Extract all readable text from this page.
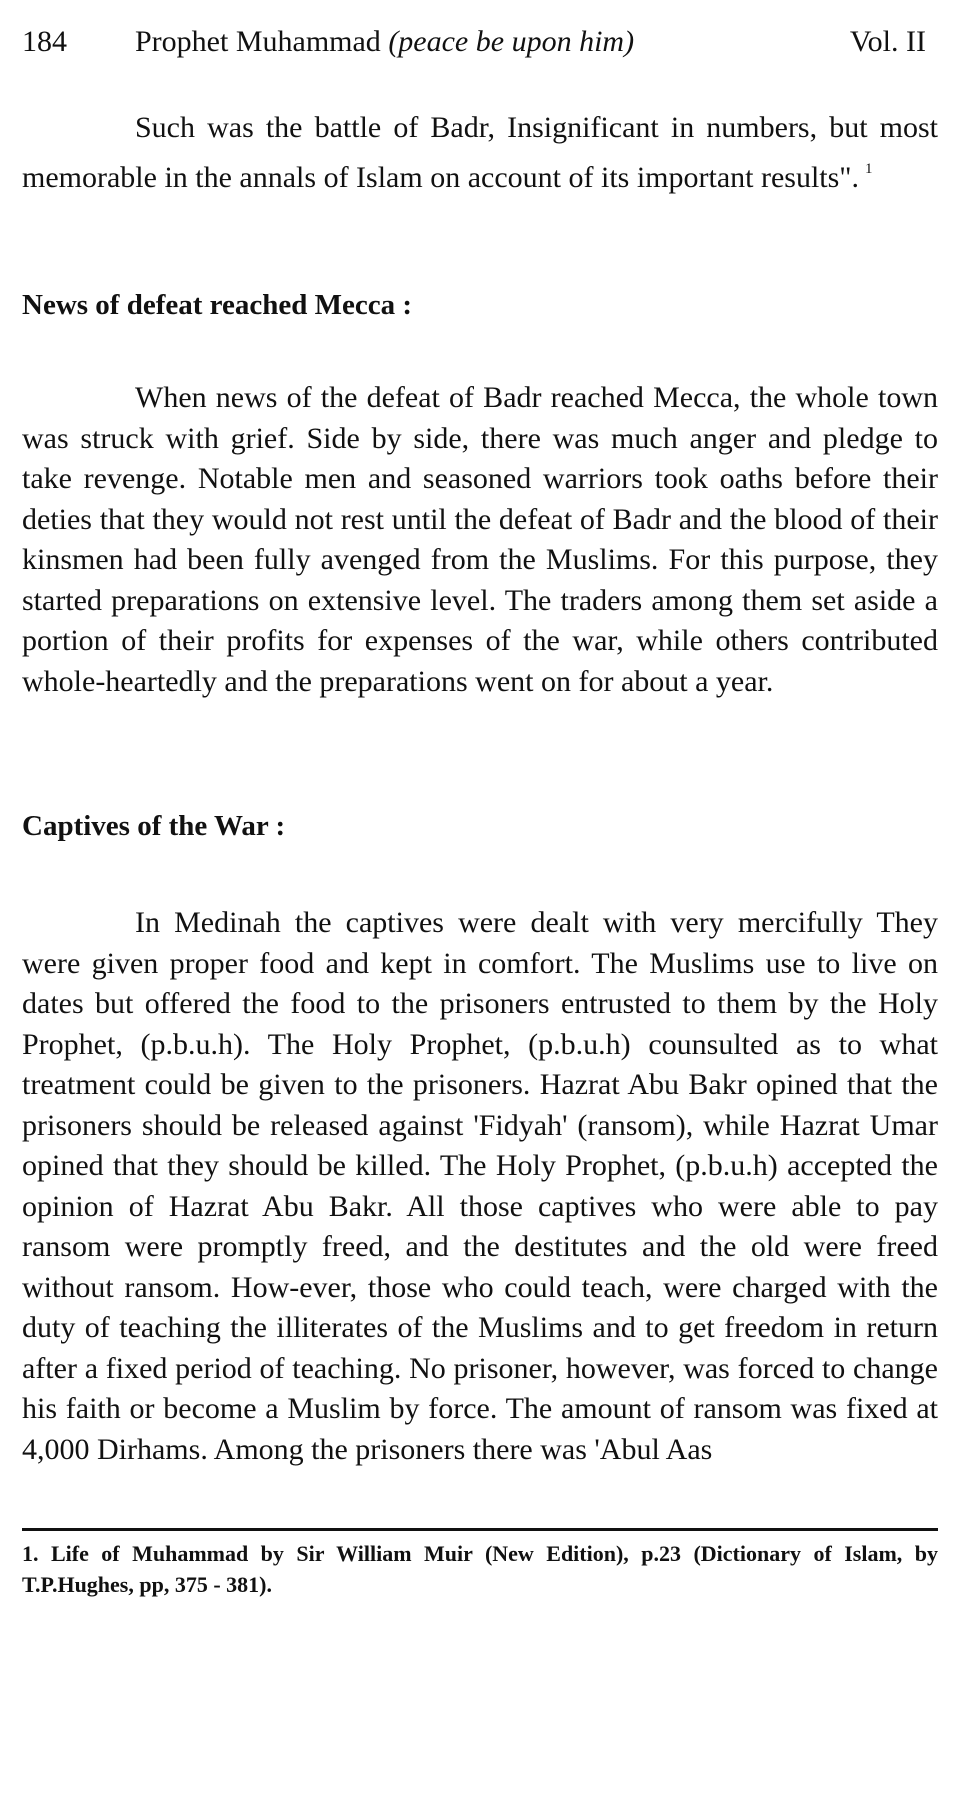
184 Prophet Muhammad (peace be upon him)	Vol. II

Such was the battle of Badr, Insignificant in numbers, but most memorable in the annals of Islam on account of its important results". $^1$

News of defeat reached Mecca :

When news of the defeat of Badr reached Mecca, the whole town was struck with grief. Side by side, there was much anger and pledge to take revenge. Notable men and seasoned warriors took oaths before their deties that they would not rest until the defeat of Badr and the blood of their kinsmen had been fully avenged from the Muslims. For this purpose, they started preparations on extensive level. The traders among them set aside a portion of their profits for expenses of the war, while others contributed whole-heartedly and the preparations went on for about a year.

Captives of the War :

In Medinah the captives were dealt with very mercifully They were given proper food and kept in comfort. The Muslims use to live on dates but offered the food to the prisoners entrusted to them by the Holy Prophet, (p.b.u.h). The Holy Prophet, (p.b.u.h) counsulted as to what treatment could be given to the prisoners. Hazrat Abu Bakr opined that the prisoners should be released against 'Fidyah' (ransom), while Hazrat Umar opined that they should be killed. The Holy Prophet, (p.b.u.h) accepted the opinion of Hazrat Abu Bakr. All those captives who were able to pay ransom were promptly freed, and the destitutes and the old were freed without ransom. How-ever, those who could teach, were charged with the duty of teaching the illiterates of the Muslims and to get freedom in return after a fixed period of teaching. No prisoner, however, was forced to change his faith or become a Muslim by force. The amount of ransom was fixed at 4,000 Dirhams. Among the prisoners there was 'Abul Aas

1. Life of Muhammad by Sir William Muir (New Edition), p.23 (Dictionary of Islam, by T.P.Hughes, pp, 375 - 381).
